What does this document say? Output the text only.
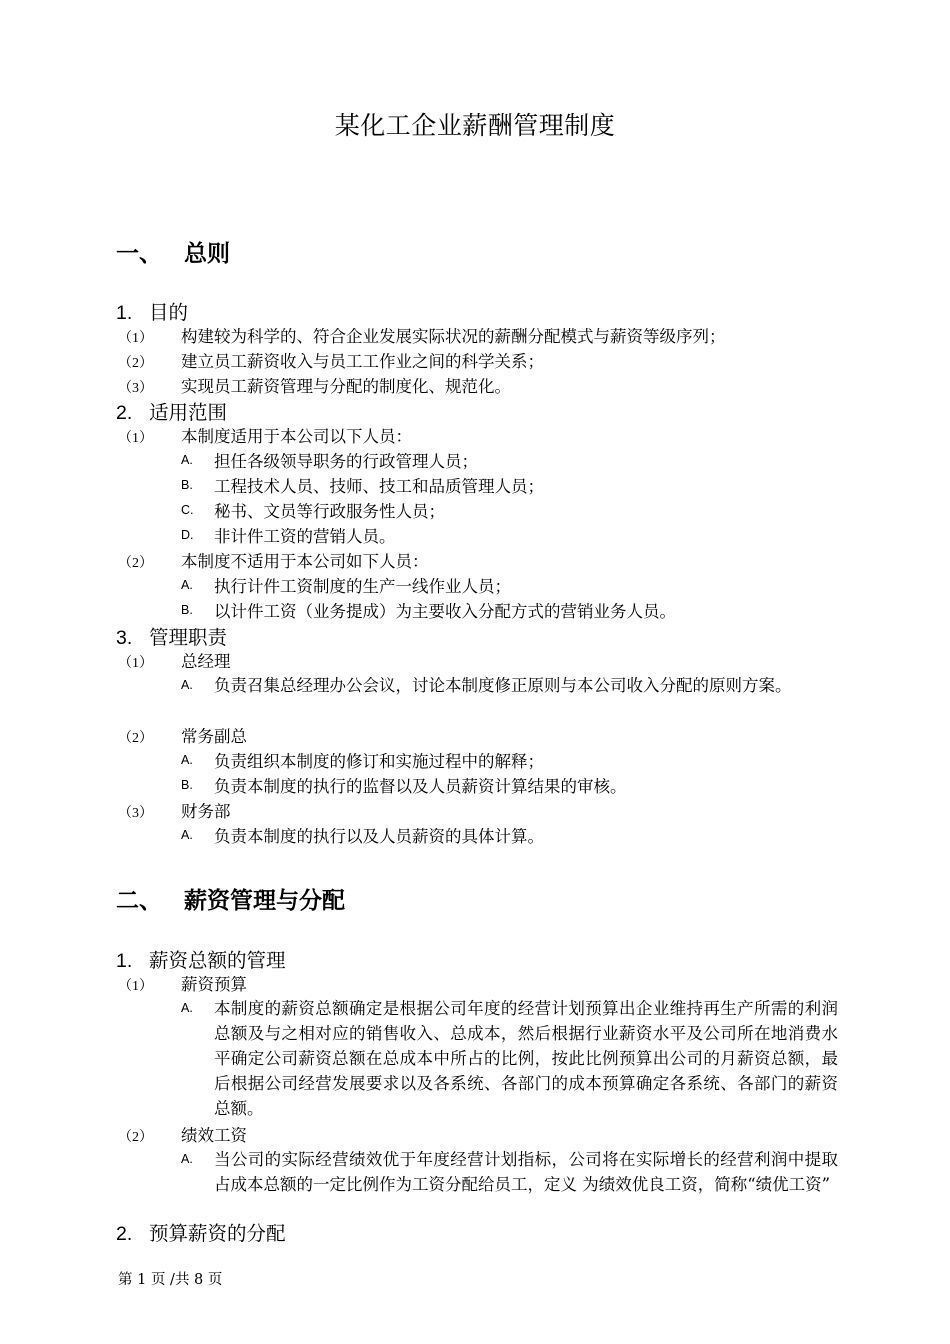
某化工企业薪酬管理制度
一、 总则
1. 目的
（1） 构建较为科学的、符合企业发展实际状况的薪酬分配模式与薪资等级序列；
（2） 建立员工薪资收入与员工工作业之间的科学关系；
（3） 实现员工薪资管理与分配的制度化、规范化。
2. 适用范围
（1） 本制度适用于本公司以下人员：
A. 担任各级领导职务的行政管理人员；
B. 工程技术人员、技师、技工和品质管理人员；
C. 秘书、文员等行政服务性人员；
D. 非计件工资的营销人员。
（2） 本制度不适用于本公司如下人员：
A. 执行计件工资制度的生产一线作业人员；
B. 以计件工资（业务提成）为主要收入分配方式的营销业务人员。
3. 管理职责
（1） 总经理
A. 负责召集总经理办公会议，讨论本制度修正原则与本公司收入分配的原则方案。
（2） 常务副总
A. 负责组织本制度的修订和实施过程中的解释；
B. 负责本制度的执行的监督以及人员薪资计算结果的审核。
（3） 财务部
A. 负责本制度的执行以及人员薪资的具体计算。
二、 薪资管理与分配
1. 薪资总额的管理
（1） 薪资预算
A. 本制度的薪资总额确定是根据公司年度的经营计划预算出企业维持再生产所需的利润总额及与之相对应的销售收入、总成本，然后根据行业薪资水平及公司所在地消费水平确定公司薪资总额在总成本中所占的比例，按此比例预算出公司的月薪资总额，最后根据公司经营发展要求以及各系统、各部门的成本预算确定各系统、各部门的薪资总额。
（2） 绩效工资
A. 当公司的实际经营绩效优于年度经营计划指标，公司将在实际增长的经营利润中提取占成本总额的一定比例作为工资分配给员工，定义 为绩效优良工资，简称“绩优工资”
2. 预算薪资的分配
第 1 页 /共 8 页
